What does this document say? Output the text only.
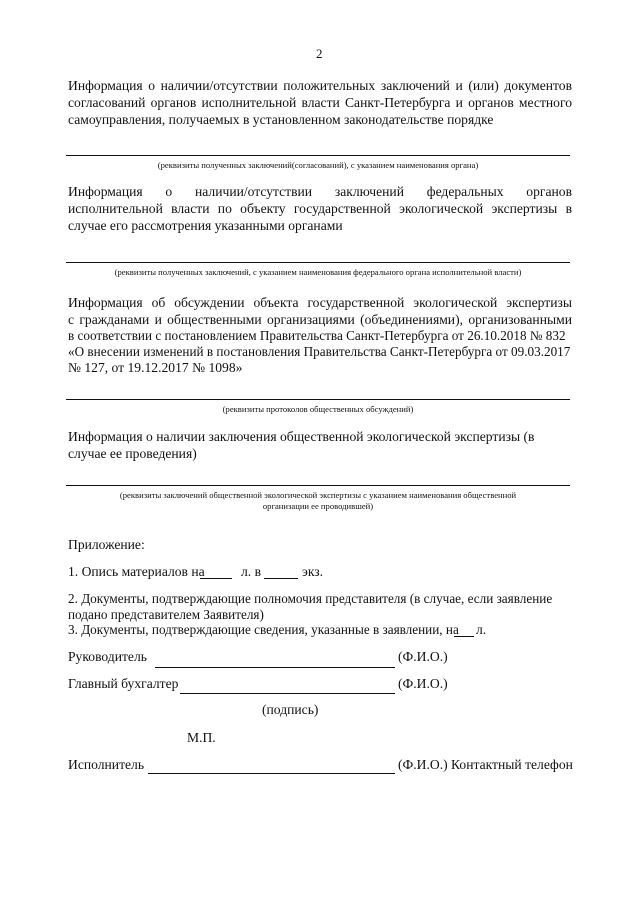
2
Информация о наличии/отсутствии положительных заключений и (или) документов согласований органов исполнительной власти Санкт-Петербурга и органов местного самоуправления, получаемых в установленном законодательстве порядке
(реквизиты полученных заключений(согласований), с указанием наименования органа)
Информация о наличии/отсутствии заключений федеральных органов исполнительной власти по объекту государственной экологической экспертизы в случае его рассмотрения указанными органами
(реквизиты полученных заключений, с указанием наименования федерального органа исполнительной власти)
Информация об обсуждении объекта государственной экологической экспертизы
с гражданами и общественными организациями (объединениями), организованными
в соответствии с постановлением Правительства Санкт-Петербурга от 26.10.2018 № 832
«О внесении изменений в постановления Правительства Санкт-Петербурга от 09.03.2017
№ 127, от 19.12.2017 № 1098»
(реквизиты протоколов общественных обсуждений)
Информация о наличии заключения общественной экологической экспертизы (в случае ее проведения)
(реквизиты заключений общественной экологической экспертизы с указанием наименования общественной
организации ее проводившей)
Приложение:
1. Опись материалов на	л. в	экз.
2. Документы, подтверждающие полномочия представителя (в случае, если заявление
подано представителем Заявителя)
3. Документы, подтверждающие сведения, указанные в заявлении, на л.
Руководитель	(Ф.И.О.)
Главный бухгалтер	(Ф.И.О.)
(подпись)
М.П.
Исполнитель	(Ф.И.О.) Контактный телефон
